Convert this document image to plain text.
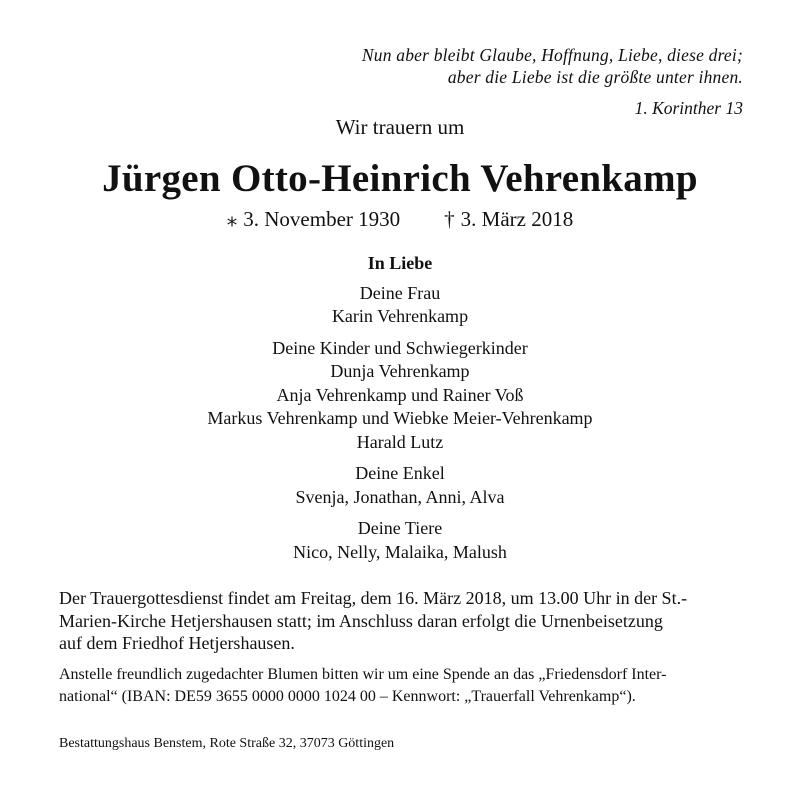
Nun aber bleibt Glaube, Hoffnung, Liebe, diese drei;
aber die Liebe ist die größte unter ihnen.
1. Korinther 13
Wir trauern um
Jürgen Otto-Heinrich Vehrenkamp
⁎ 3. November 1930 † 3. März 2018
In Liebe
Deine Frau
Karin Vehrenkamp
Deine Kinder und Schwiegerkinder
Dunja Vehrenkamp
Anja Vehrenkamp und Rainer Voß
Markus Vehrenkamp und Wiebke Meier-Vehrenkamp
Harald Lutz
Deine Enkel
Svenja, Jonathan, Anni, Alva
Deine Tiere
Nico, Nelly, Malaika, Malush
Der Trauergottesdienst findet am Freitag, dem 16. März 2018, um 13.00 Uhr in der St.-
Marien-Kirche Hetjershausen statt; im Anschluss daran erfolgt die Urnenbeisetzung
auf dem Friedhof Hetjershausen.
Anstelle freundlich zugedachter Blumen bitten wir um eine Spende an das „Friedensdorf Inter-
national“ (IBAN: DE59 3655 0000 0000 1024 00 – Kennwort: „Trauerfall Vehrenkamp“).
Bestattungshaus Benstem, Rote Straße 32, 37073 Göttingen
